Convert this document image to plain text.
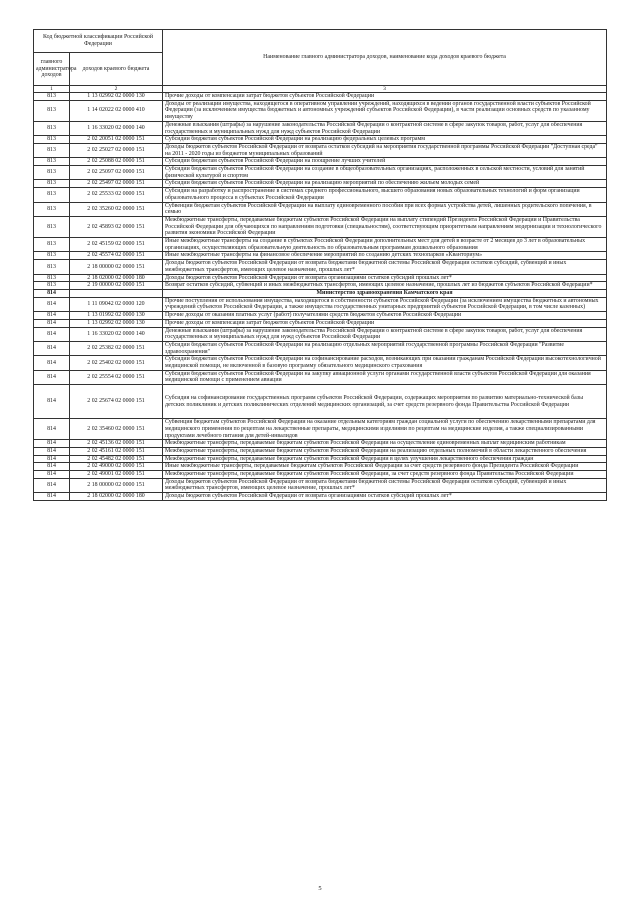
Код бюджетной классификации Российской Федерации		Наименование главного администратора доходов, наименование кода доходов краевого бюджета
главного администратора доходов	доходов краевого бюджета	
1	2	3
813	1 13 02992 02 0000 130	Прочие доходы от компенсации затрат бюджетов субъектов Российской Федерации
813	1 14 02022 02 0000 410	Доходы от реализации имущества, находящегося в оперативном управлении учреждений, находящихся в ведении органов государственной власти субъектов Российской Федерации (за исключением имущества бюджетных и автономных учреждений субъектов Российской Федерации), в части реализации основных средств по указанному имуществу
813	1 16 33020 02 0000 140	Денежные взыскания (штрафы) за нарушение законодательства Российской Федерации о контрактной системе в сфере закупок товаров, работ, услуг для обеспечения государственных и муниципальных нужд для нужд субъектов Российской Федерации
813	2 02 20051 02 0000 151	Субсидии бюджетам субъектов Российской Федерации на реализацию федеральных целевых программ
813	2 02 25027 02 0000 151	Доходы бюджетов субъектов Российской Федерации от возврата остатков субсидий на мероприятия государственной программы Российской Федерации "Доступная среда" на 2011 - 2020 годы из бюджетов муниципальных образований
813	2 02 25088 02 0000 151	Субсидии бюджетам субъектов Российской Федерации на поощрение лучших учителей
813	2 02 25097 02 0000 151	Субсидии бюджетам субъектов Российской Федерации на создание в общеобразовательных организациях, расположенных в сельской местности, условий для занятий физической культурой и спортом
813	2 02 25497 02 0000 151	Субсидии бюджетам субъектов Российской Федерации на реализацию мероприятий по обеспечению жильем молодых семей
813	2 02 25533 02 0000 151	Субсидии на разработку и распространение в системах среднего профессионального, высшего образования новых образовательных технологий и форм организации образовательного процесса в субъектах Российской Федерации
813	2 02 35260 02 0000 151	Субвенции бюджетам субъектов Российской Федерации на выплату единовременного пособия при всех формах устройства детей, лишенных родительского попечения, в семью
813	2 02 45893 02 0000 151	Межбюджетные трансферты, передаваемые бюджетам субъектов Российской Федерации на выплату стипендий Президента Российской Федерации и Правительства Российской Федерации для обучающихся по направлениям подготовки (специальностям), соответствующим приоритетным направлениям модернизации и технологического развития экономики Российской Федерации
813	2 02 45159 02 0000 151	Иные межбюджетные трансферты на создание в субъектах Российской Федерации дополнительных мест для детей в возрасте от 2 месяцев до 3 лет в образовательных организациях, осуществляющих образовательную деятельность по образовательным программам дошкольного образования
813	2 02 45574 02 0000 151	Иные межбюджетные трансферты на финансовое обеспечение мероприятий по созданию детских технопарков «Кванториум»
813	2 18 00000 02 0000 151	Доходы бюджетов субъектов Российской Федерации от возврата бюджетами бюджетной системы Российской Федерации остатков субсидий, субвенций и иных межбюджетных трансфертов, имеющих целевое назначение, прошлых лет*
813	2 18 02000 02 0000 180	Доходы бюджетов субъектов Российской Федерации от возврата организациями остатков субсидий прошлых лет*
813	2 19 00000 02 0000 151	Возврат остатков субсидий, субвенций и иных межбюджетных трансфертов, имеющих целевое назначение, прошлых лет из бюджетов субъектов Российской Федерации*
814		Министерство здравоохранения Камчатского края
814	1 11 09042 02 0000 120	Прочие поступления от использования имущества, находящегося в собственности субъектов Российской Федерации (за исключением имущества бюджетных и автономных учреждений субъектов Российской Федерации, а также имущества государственных унитарных предприятий субъектов Российской Федерации, в том числе казенных)
814	1 13 01992 02 0000 130	Прочие доходы от оказания платных услуг (работ) получателями средств бюджетов субъектов Российской Федерации
814	1 13 02992 02 0000 130	Прочие доходы от компенсации затрат бюджетов субъектов Российской Федерации
814	1 16 33020 02 0000 140	Денежные взыскания (штрафы) за нарушение законодательства Российской Федерации о контрактной системе в сфере закупок товаров, работ, услуг для обеспечения государственных и муниципальных нужд для нужд субъектов Российской Федерации
814	2 02 25382 02 0000 151	Субсидии бюджетам субъектов Российской Федерации на реализацию отдельных мероприятий государственной программы Российской Федерации "Развитие здравоохранения"
814	2 02 25402 02 0000 151	Субсидии бюджетам субъектов Российской Федерации на софинансирование расходов, возникающих при оказании гражданам Российской Федерации высокотехнологичной медицинской помощи, не включенной в базовую программу обязательного медицинского страхования
814	2 02 25554 02 0000 151	Субсидии бюджетам субъектов Российской Федерации на закупку авиационной услуги органами государственной власти субъектов Российской Федерации для оказания медицинской помощи с применением авиации
814	2 02 25674 02 0000 151	Субсидия на софинансирование государственных программ субъектов Российской Федерации, содержащих мероприятия по развитию материально-технической базы детских поликлиник и детских поликлинических отделений медицинских организаций, за счет средств резервного фонда Правительства Российской Федерации
814	2 02 35460 02 0000 151	Субвенция бюджетам субъектов Российской Федерации на оказание отдельным категориям граждан социальной услуги по обеспечению лекарственными препаратами для медицинского применения по рецептам на лекарственные препараты, медицинскими изделиями по рецептам на медицинские изделия, а также специализированными продуктами лечебного питания для детей-инвалидов
814	2 02 45136 02 0000 151	Межбюджетные трансферты, передаваемые бюджетам субъектов Российской Федерации на осуществление единовременных выплат медицинским работникам
814	2 02 45161 02 0000 151	Межбюджетные трансферты, передаваемые бюджетам субъектов Российской Федерации на реализацию отдельных полномочий в области лекарственного обеспечения
814	2 02 45482 02 0000 151	Межбюджетные трансферты, передаваемые бюджетам субъектов Российской Федерации в целях улучшения лекарственного обеспечения граждан
814	2 02 49000 02 0000 151	Иные межбюджетные трансферты, передаваемые бюджетам субъектов Российской Федерации за счет средств резервного фонда Президента Российской Федерации
814	2 02 49001 02 0000 151	Межбюджетные трансферты, передаваемые бюджетам субъектов Российской Федерации, за счет средств резервного фонда Правительства Российской Федерации
814	2 18 00000 02 0000 151	Доходы бюджетов субъектов Российской Федерации от возврата бюджетами бюджетной системы Российской Федерации остатков субсидий, субвенций и иных межбюджетных трансфертов, имеющих целевое назначение, прошлых лет*
814	2 18 02000 02 0000 180	Доходы бюджетов субъектов Российской Федерации от возврата организациями остатков субсидий прошлых лет*
5
